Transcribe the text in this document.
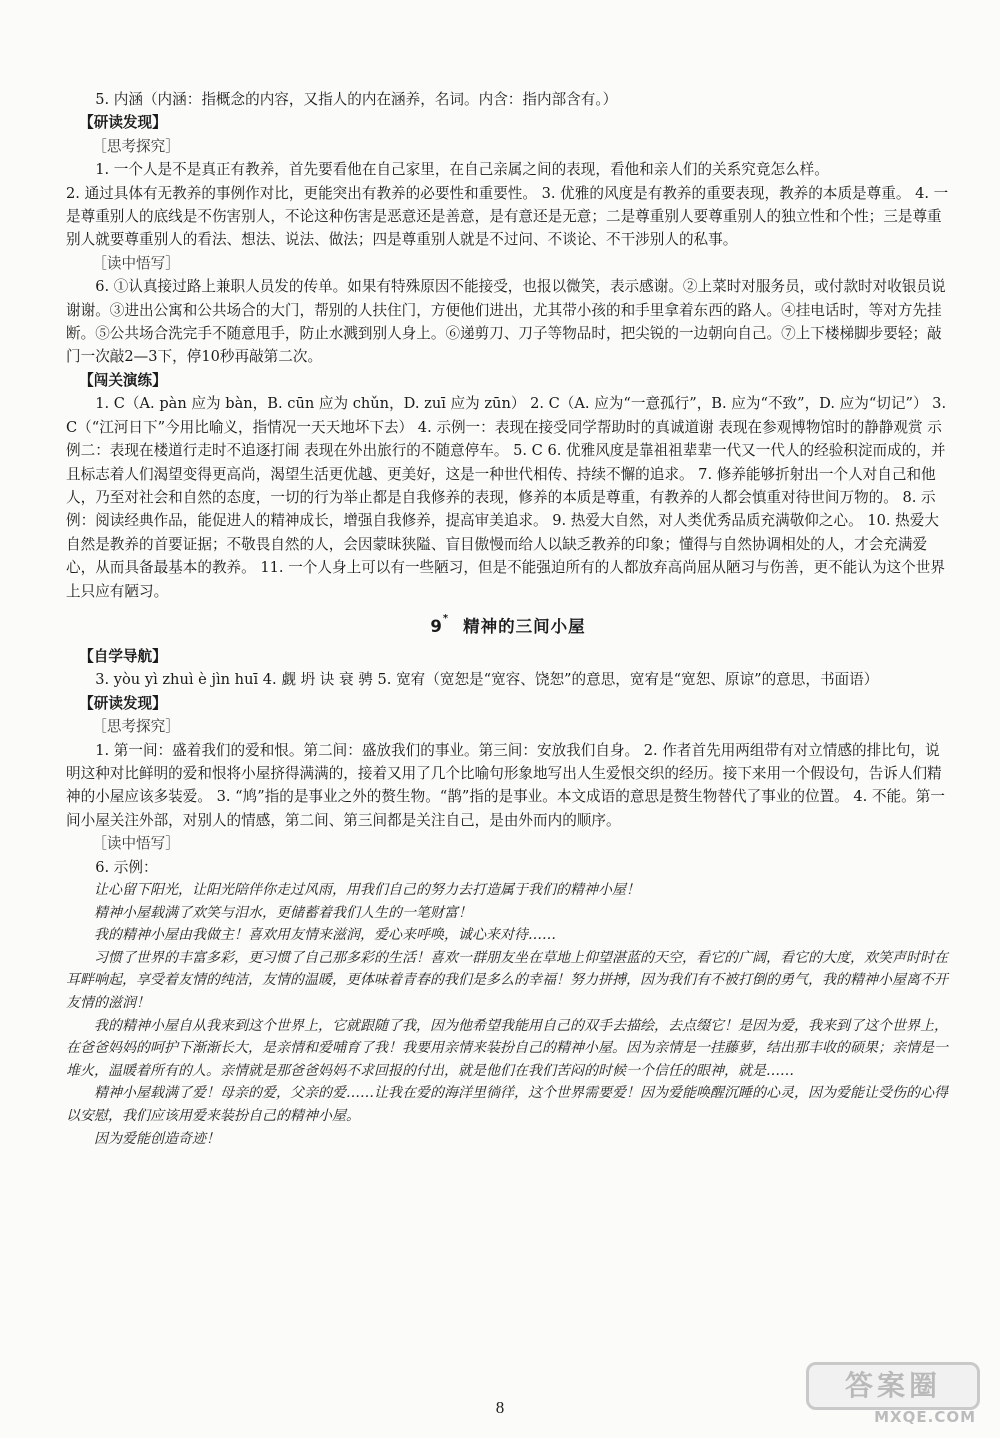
5. 内涵（内涵：指概念的内容，又指人的内在涵养，名词。内含：指内部含有。）

【研读发现】

［思考探究］

1. 一个人是不是真正有教养，首先要看他在自己家里，在自己亲属之间的表现，看他和亲人们的关系究竟怎么样。

2. 通过具体有无教养的事例作对比，更能突出有教养的必要性和重要性。 3. 优雅的风度是有教养的重要表现，教养的本质是尊重。 4. 一是尊重别人的底线是不伤害别人，不论这种伤害是恶意还是善意，是有意还是无意；二是尊重别人要尊重别人的独立性和个性；三是尊重别人就要尊重别人的看法、想法、说法、做法；四是尊重别人就是不过问、不谈论、不干涉别人的私事。

［读中悟写］

6. ①认真接过路上兼职人员发的传单。如果有特殊原因不能接受，也报以微笑，表示感谢。②上菜时对服务员，或付款时对收银员说谢谢。③进出公寓和公共场合的大门，帮别的人扶住门，方便他们进出，尤其带小孩的和手里拿着东西的路人。④挂电话时，等对方先挂断。⑤公共场合洗完手不随意甩手，防止水溅到别人身上。⑥递剪刀、刀子等物品时，把尖锐的一边朝向自己。⑦上下楼梯脚步要轻；敲门一次敲2—3下，停10秒再敲第二次。

【闯关演练】

1. C（A. pàn 应为 bàn，B. cūn 应为 chǔn，D. zuī 应为 zūn） 2. C（A. 应为“一意孤行”，B. 应为“不致”，D. 应为“切记”） 3. C（“江河日下”今用比喻义，指情况一天天地坏下去） 4. 示例一：表现在接受同学帮助时的真诚道谢 表现在参观博物馆时的静静观赏 示例二：表现在楼道行走时不追逐打闹 表现在外出旅行的不随意停车。 5. C 6. 优雅风度是靠祖祖辈辈一代又一代人的经验积淀而成的，并且标志着人们渴望变得更高尚，渴望生活更优越、更美好，这是一种世代相传、持续不懈的追求。 7. 修养能够折射出一个人对自己和他人，乃至对社会和自然的态度，一切的行为举止都是自我修养的表现，修养的本质是尊重，有教养的人都会慎重对待世间万物的。 8. 示例：阅读经典作品，能促进人的精神成长，增强自我修养，提高审美追求。 9. 热爱大自然，对人类优秀品质充满敬仰之心。 10. 热爱大自然是教养的首要证据；不敬畏自然的人，会因蒙昧狭隘、盲目傲慢而给人以缺乏教养的印象；懂得与自然协调相处的人，才会充满爱心，从而具备最基本的教养。 11. 一个人身上可以有一些陋习，但是不能强迫所有的人都放弃高尚屈从陋习与伤善，更不能认为这个世界上只应有陋习。

9* 精神的三间小屋

【自学导航】

3. yòu yì zhuì è jìn huī 4. 觑 坍 诀 衰 骋 5. 宽宥（宽恕是“宽容、饶恕”的意思，宽宥是“宽恕、原谅”的意思，书面语）

【研读发现】

［思考探究］

1. 第一间：盛着我们的爱和恨。第二间：盛放我们的事业。第三间：安放我们自身。 2. 作者首先用两组带有对立情感的排比句，说明这种对比鲜明的爱和恨将小屋挤得满满的，接着又用了几个比喻句形象地写出人生爱恨交织的经历。接下来用一个假设句，告诉人们精神的小屋应该多装爱。 3. “鸠”指的是事业之外的赘生物。“鹊”指的是事业。本文成语的意思是赘生物替代了事业的位置。 4. 不能。第一间小屋关注外部，对别人的情感，第二间、第三间都是关注自己，是由外而内的顺序。

［读中悟写］

6. 示例：

让心留下阳光，让阳光陪伴你走过风雨，用我们自己的努力去打造属于我们的精神小屋！

精神小屋载满了欢笑与泪水，更储蓄着我们人生的一笔财富！

我的精神小屋由我做主！喜欢用友情来滋润，爱心来呼唤，诚心来对待……

习惯了世界的丰富多彩，更习惯了自己那多彩的生活！喜欢一群朋友坐在草地上仰望湛蓝的天空，看它的广阔，看它的大度，欢笑声时时在耳畔响起，享受着友情的纯洁，友情的温暖，更体味着青春的我们是多么的幸福！努力拼搏，因为我们有不被打倒的勇气，我的精神小屋离不开友情的滋润！

我的精神小屋自从我来到这个世界上，它就跟随了我，因为他希望我能用自己的双手去描绘，去点缀它！是因为爱，我来到了这个世界上，在爸爸妈妈的呵护下渐渐长大，是亲情和爱哺育了我！我要用亲情来装扮自己的精神小屋。因为亲情是一挂藤萝，结出那丰收的硕果；亲情是一堆火，温暖着所有的人。亲情就是那爸爸妈妈不求回报的付出，就是他们在我们苦闷的时候一个信任的眼神，就是……

精神小屋载满了爱！母亲的爱，父亲的爱……让我在爱的海洋里徜徉，这个世界需要爱！因为爱能唤醒沉睡的心灵，因为爱能让受伤的心得以安慰，我们应该用爱来装扮自己的精神小屋。

因为爱能创造奇迹！

8
答案圈
MXQE.COM
